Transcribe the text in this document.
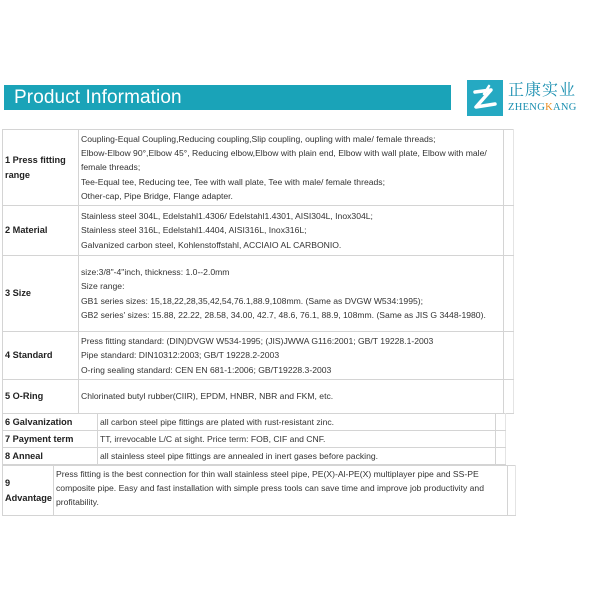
Product Information	正康实业
ZHENGKANG
1 Press fitting range	Coupling-Equal Coupling,Reducing coupling,Slip coupling, oupling with male/ female threads;
Elbow-Elbow 90°,Elbow 45°, Reducing elbow,Elbow with plain end, Elbow with wall plate, Elbow with male/ female threads;
Tee-Equal tee, Reducing tee, Tee with wall plate, Tee with male/ female threads;
Other-cap, Pipe Bridge, Flange adapter.	

2 Material	Stainless steel 304L, Edelstahl1.4306/ Edelstahl1.4301, AISI304L, Inox304L;
Stainless steel 316L, Edelstahl1.4404, AISI316L, Inox316L;
Galvanized carbon steel, Kohlenstoffstahl, ACCIAIO AL CARBONIO.	

3 Size	size:3/8"-4"inch, thickness: 1.0--2.0mm
Size range:
GB1 series sizes: 15,18,22,28,35,42,54,76.1,88.9,108mm. (Same as DVGW W534:1995);
GB2 series' sizes: 15.88, 22.22, 28.58, 34.00, 42.7, 48.6, 76.1, 88.9, 108mm. (Same as JIS G 3448-1980).	

4 Standard	Press fitting standard: (DIN)DVGW W534-1995; (JIS)JWWA G116:2001; GB/T 19228.1-2003
Pipe standard: DIN10312:2003; GB/T 19228.2-2003
O-ring sealing standard: CEN EN 681-1:2006; GB/T19228.3-2003	

5 O-Ring	Chlorinated butyl rubber(CIIR), EPDM, HNBR, NBR and FKM, etc.	

6 Galvanization	all carbon steel pipe fittings are plated with rust-resistant zinc.	
7 Payment term	TT, irrevocable L/C at sight. Price term: FOB, CIF and CNF.	
8 Anneal	all stainless steel pipe fittings are annealed in inert gases before packing.	
9
Advantage
	Press fitting is the best connection for thin wall stainless steel pipe, PE(X)-Al-PE(X) multiplayer pipe and SS-PE composite pipe. Easy and fast installation with simple press tools can save time and improve job productivity and profitability.	
